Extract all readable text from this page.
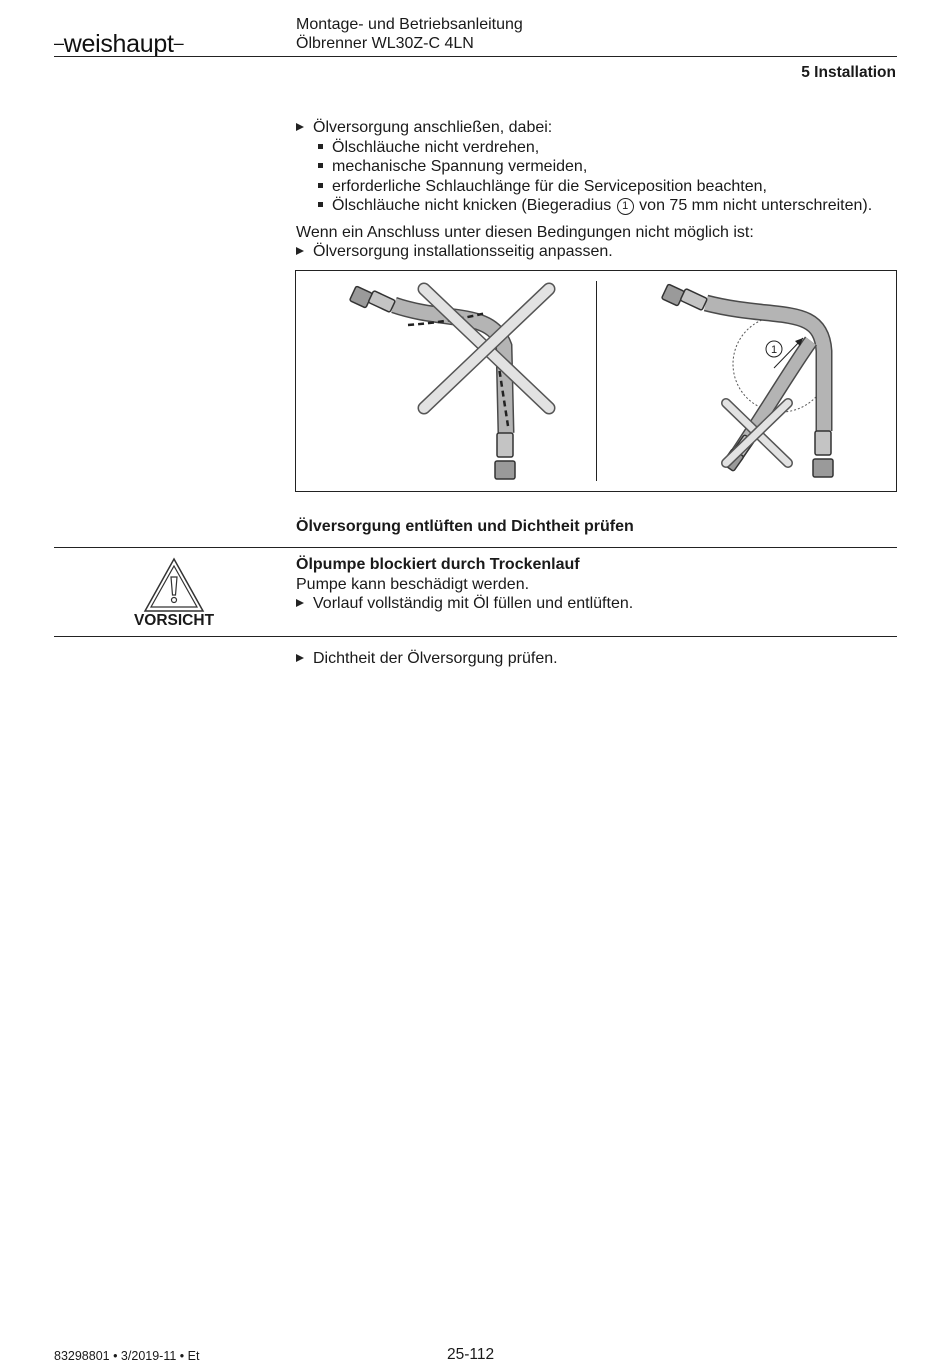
–weishaupt–
Montage- und Betriebsanleitung
Ölbrenner WL30Z-C 4LN
5 Installation
Ölversorgung anschließen, dabei:
Ölschläuche nicht verdrehen,
mechanische Spannung vermeiden,
erforderliche Schlauchlänge für die Serviceposition beachten,
Ölschläuche nicht knicken (Biegeradius 1 von 75 mm nicht unterschreiten).
Wenn ein Anschluss unter diesen Bedingungen nicht möglich ist:
Ölversorgung installationsseitig anpassen.
1
Ölversorgung entlüften und Dichtheit prüfen
VORSICHT
Ölpumpe blockiert durch Trockenlauf
Pumpe kann beschädigt werden.
Vorlauf vollständig mit Öl füllen und entlüften.
Dichtheit der Ölversorgung prüfen.
83298801 • 3/2019-11 • Et	25-112
